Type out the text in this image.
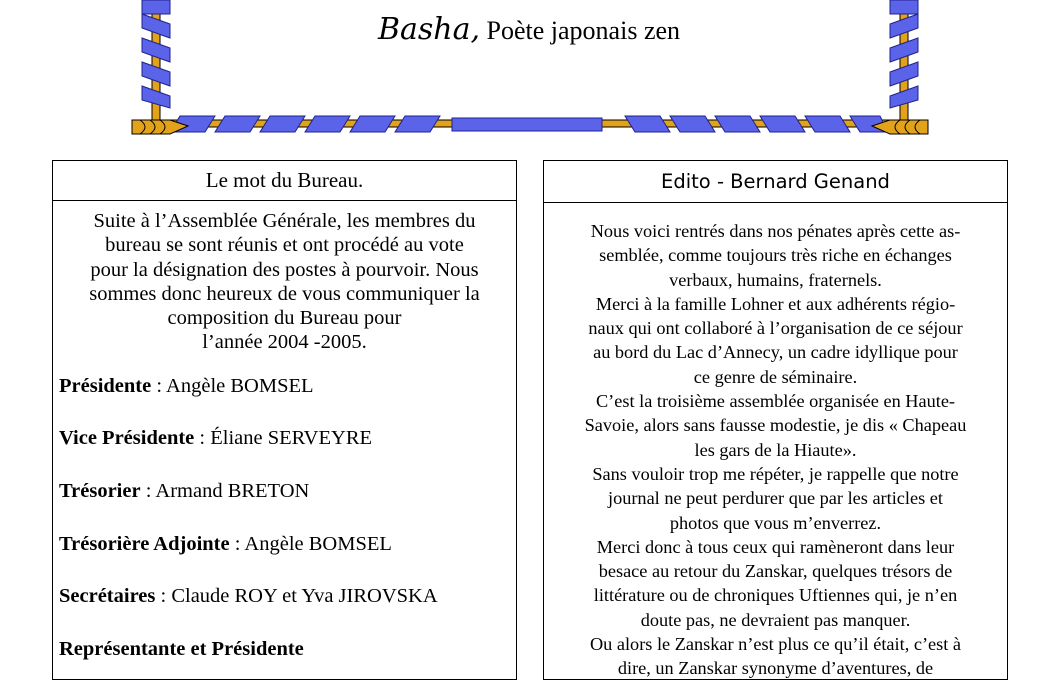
Basha, Poète japonais zen
Le mot du Bureau.

Suite à l’Assemblée Générale, les membres du

bureau se sont réunis et ont procédé au vote

pour la désignation des postes à pourvoir. Nous

sommes donc heureux de vous communiquer la

composition du Bureau pour

l’année 2004 -2005.

Présidente : Angèle BOMSEL
Vice Présidente : Éliane SERVEYRE
Trésorier : Armand BRETON
Trésorière Adjointe : Angèle BOMSEL
Secrétaires : Claude ROY et Yva JIROVSKA
Représentante et Présidente
Edito - Bernard Genand

Nous voici rentrés dans nos pénates après cette as-

semblée, comme toujours très riche en échanges

verbaux, humains, fraternels.

Merci à la famille Lohner et aux adhérents régio-

naux qui ont collaboré à l’organisation de ce séjour

au bord du Lac d’Annecy, un cadre idyllique pour

ce genre de séminaire.

C’est la troisième assemblée organisée en Haute-

Savoie, alors sans fausse modestie, je dis « Chapeau

les gars de la Hiaute».

Sans vouloir trop me répéter, je rappelle que notre

journal ne peut perdurer que par les articles et

photos que vous m’enverrez.

Merci donc à tous ceux qui ramèneront dans leur

besace au retour du Zanskar, quelques trésors de

littérature ou de chroniques Uftiennes qui, je n’en

doute pas, ne devraient pas manquer.

Ou alors le Zanskar n’est plus ce qu’il était, c’est à

dire, un Zanskar synonyme d’aventures, de
